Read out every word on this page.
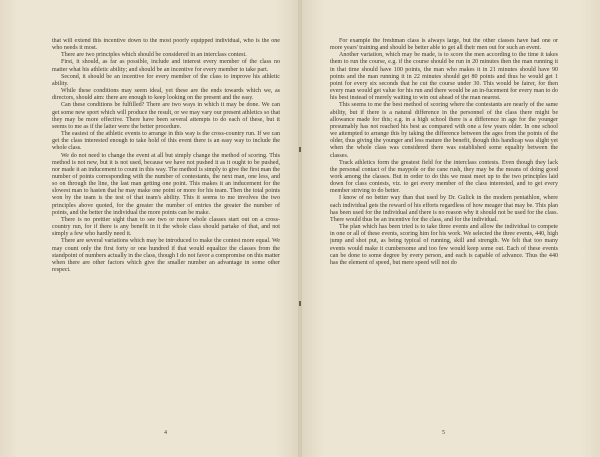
that will extend this incentive down to the most poorly equipped individual, who is the one who needs it most.

There are two principles which should be considered in an interclass contest.

First, it should, as far as possible, include and interest every member of the class no matter what his athletic ability; and should be an incentive for every member to take part.

Second, it should be an incentive for every member of the class to improve his athletic ability.

While these conditions may seem ideal, yet these are the ends towards which we, as directors, should aim: there are enough to keep looking on the present and the easy.

Can these conditions be fulfilled? There are two ways in which it may be done. We can get some new sport which will produce the result, or we may vary our present athletics so that they may be more effective. There have been several attempts to do each of these, but it seems to me as if the latter were the better procedure.

The easiest of the athletic events to arrange in this way is the cross-country run. If we can get the class interested enough to take hold of this event there is an easy way to include the whole class.

We do not need to change the event at all but simply change the method of scoring. This method is not new, but it is not used, because we have not pushed it as it ought to be pushed, nor made it an inducement to count in this way. The method is simply to give the first man the number of points corresponding with the number of contestants, the next man, one less, and so on through the line, the last man getting one point. This makes it an inducement for the slowest man to hasten that he may make one point or more for his team. Then the total points won by the team is the test of that team's ability. This it seems to me involves the two principles above quoted, for the greater the number of entries the greater the number of points, and the better the individual the more points can be make.

There is no prettier sight than to see two or more whole classes start out on a cross-country run, for if there is any benefit in it the whole class should partake of that, and not simply a few who hardly need it.

There are several variations which may be introduced to make the contest more equal. We may count only the first forty or one hundred if that would equalize the classes from the standpoint of numbers actually in the class, though I do not favor a compromise on this matter when there are other factors which give the smaller number an advantage in some other respect.

4

For example the freshman class is always large, but the other classes have had one or more years' training and should be better able to get all their men out for such an event.

Another variation, which may be made, is to score the men according to the time it takes them to run the course, e.g. if the course should be run in 20 minutes then the man running it in that time should have 100 points, the man who makes it in 21 minutes should have 90 points and the man running it in 22 minutes should get 80 points and thus he would get 1 point for every six seconds that he cut the course under 30. This would be fairer, for then every man would get value for his run and there would be an in-fucement for every man to do his best instead of merely waiting to win out ahead of the man nearest.

This seems to me the best method of scoring where the contestants are nearly of the same ability, but if there is a natural difference in the personnel of the class there might be allowance made for this; e.g. in a high school there is a difference in age for the younger presumably has not reached his best as compared with one a few years older. In one school we attempted to arrange this by taking the difference between the ages from the points of the older, thus giving the younger and less mature the benefit, though this handicap was slight yet when the whole class was considered there was established some equality between the classes.

Track athletics form the greatest field for the interclass contests. Even though they lack the personal contact of the maypole or the cane rush, they may be the means of doing good work among the classes. But in order to do this we must meet up to the two principles laid down for class contests, viz. to get every member of the class interested, and to get every member striving to do better.

I know of no better way than that used by Dr. Gulick in the modern pentathlon, where each individual gets the reward of his efforts regardless of how meager that may be. This plan has been used for the individual and there is no reason why it should not be used for the class. There would thus be an incentive for the class, and for the individual.

The plan which has been tried is to take three events and allow the individual to compete in one or all of these events, scoring him for his work. We selected the three events, 440, high jump and shot put, as being typical of running, skill and strength. We felt that too many events would make it cumbersome and too few would keep some out. Each of these events can be done to some degree by every person, and each is capable of advance. Thus the 440 has the element of speed, but mere speed will not do

5
